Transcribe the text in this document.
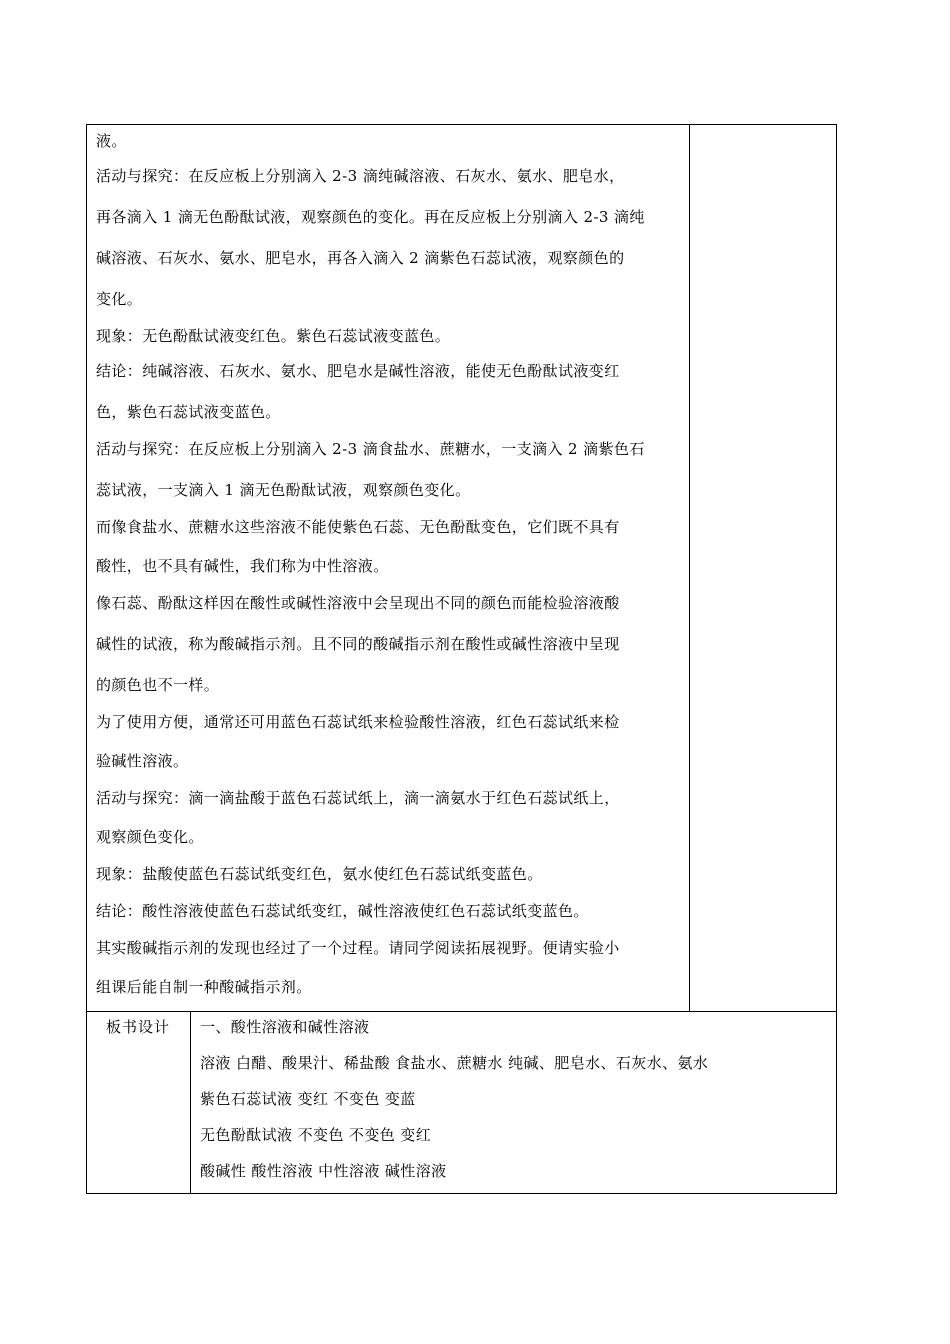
液。
活动与探究：在反应板上分别滴入 2-3 滴纯碱溶液、石灰水、氨水、肥皂水，
再各滴入 1 滴无色酚酞试液，观察颜色的变化。再在反应板上分别滴入 2-3 滴纯
碱溶液、石灰水、氨水、肥皂水，再各入滴入 2 滴紫色石蕊试液，观察颜色的
变化。
现象：无色酚酞试液变红色。紫色石蕊试液变蓝色。
结论：纯碱溶液、石灰水、氨水、肥皂水是碱性溶液，能使无色酚酞试液变红
色，紫色石蕊试液变蓝色。
活动与探究：在反应板上分别滴入 2-3 滴食盐水、蔗糖水，一支滴入 2 滴紫色石
蕊试液，一支滴入 1 滴无色酚酞试液，观察颜色变化。
而像食盐水、蔗糖水这些溶液不能使紫色石蕊、无色酚酞变色，它们既不具有
酸性，也不具有碱性，我们称为中性溶液。
像石蕊、酚酞这样因在酸性或碱性溶液中会呈现出不同的颜色而能检验溶液酸
碱性的试液，称为酸碱指示剂。且不同的酸碱指示剂在酸性或碱性溶液中呈现
的颜色也不一样。
为了使用方便，通常还可用蓝色石蕊试纸来检验酸性溶液，红色石蕊试纸来检
验碱性溶液。
活动与探究：滴一滴盐酸于蓝色石蕊试纸上，滴一滴氨水于红色石蕊试纸上，
观察颜色变化。
现象：盐酸使蓝色石蕊试纸变红色，氨水使红色石蕊试纸变蓝色。
结论：酸性溶液使蓝色石蕊试纸变红，碱性溶液使红色石蕊试纸变蓝色。
其实酸碱指示剂的发现也经过了一个过程。请同学阅读拓展视野。便请实验小
组课后能自制一种酸碱指示剂。
板书设计	一、酸性溶液和碱性溶液
溶液 白醋、酸果汁、稀盐酸 食盐水、蔗糖水 纯碱、肥皂水、石灰水、氨水
紫色石蕊试液 变红 不变色 变蓝
无色酚酞试液 不变色 不变色 变红
酸碱性 酸性溶液 中性溶液 碱性溶液
